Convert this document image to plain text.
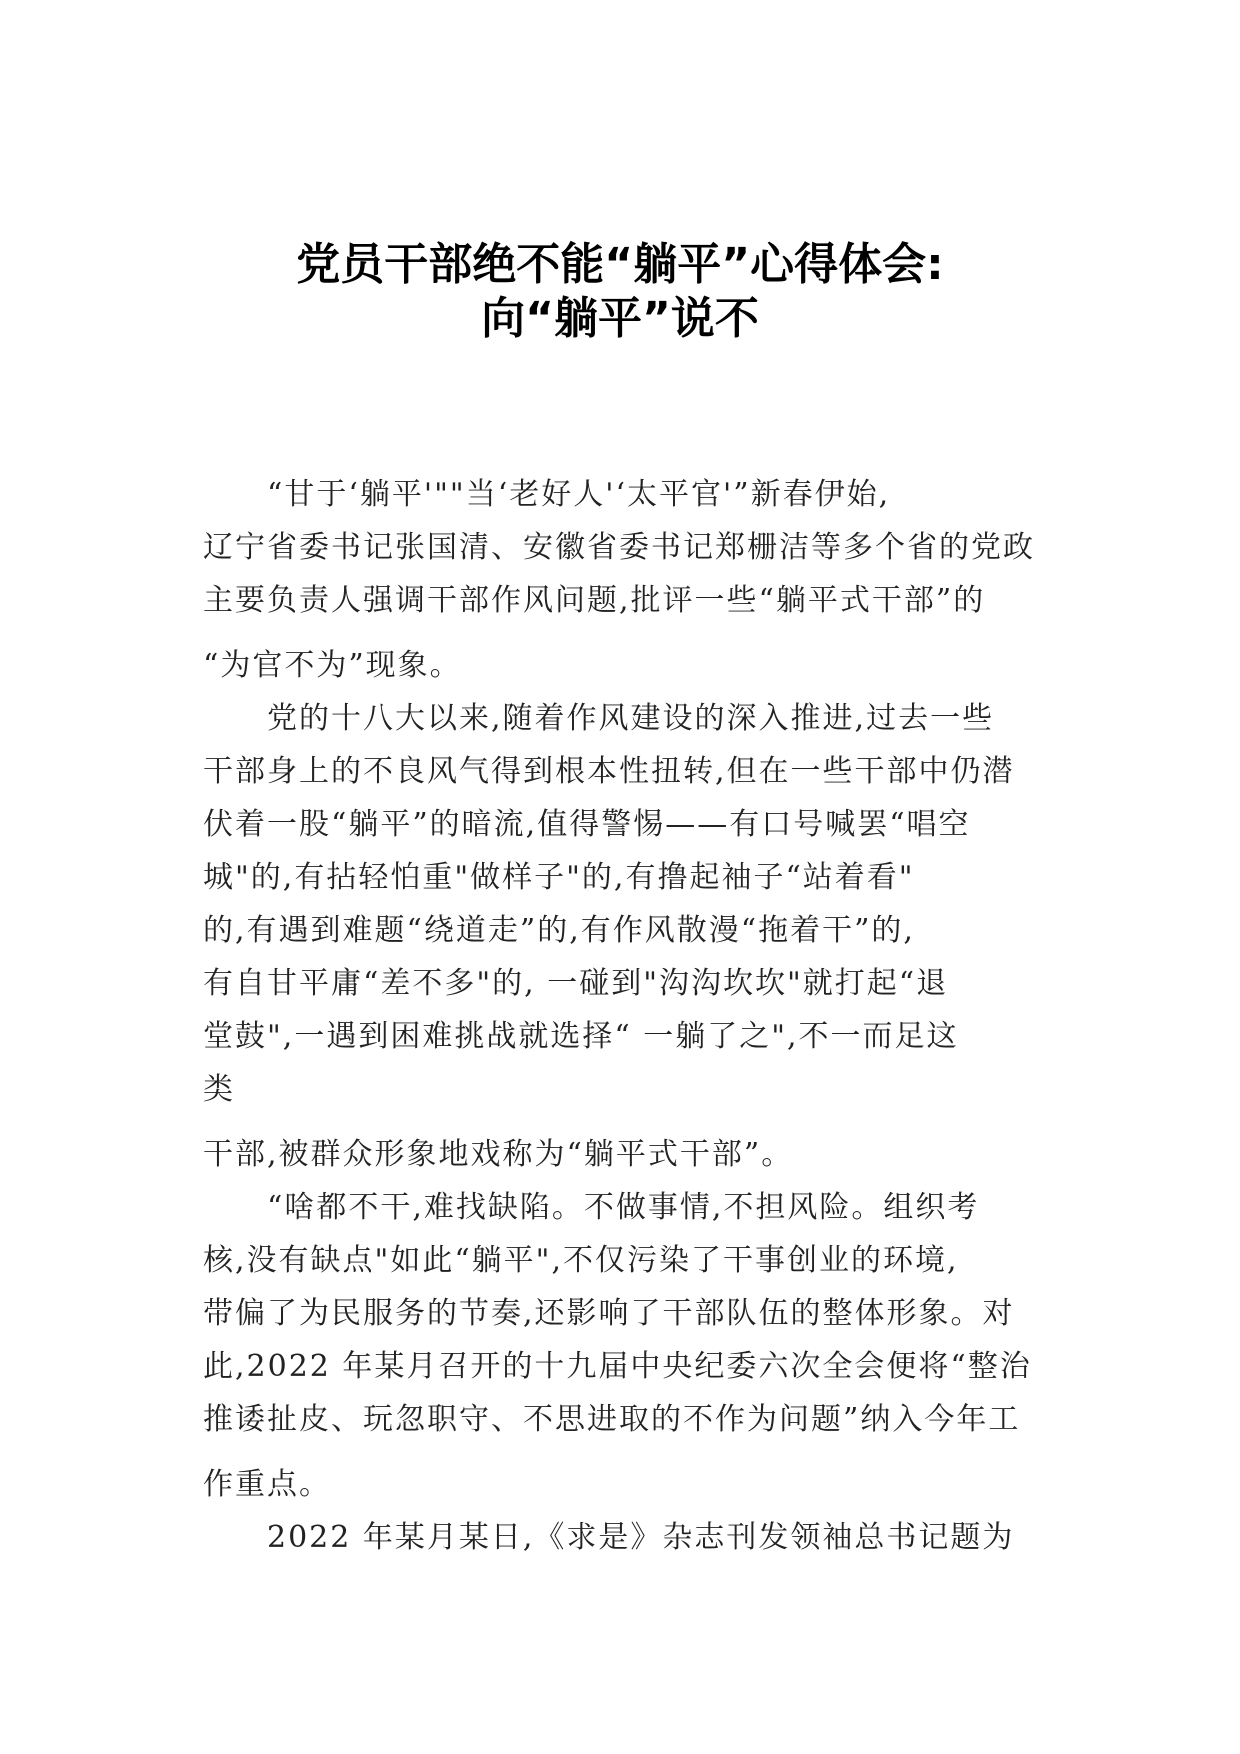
党员干部绝不能“躺平”心得体会:
向“躺平”说不
“甘于‘躺平'""当‘老好人'‘太平官'”新春伊始,
辽宁省委书记张国清、安徽省委书记郑栅洁等多个省的党政
主要负责人强调干部作风问题,批评一些“躺平式干部”的
“为官不为”现象。
党的十八大以来,随着作风建设的深入推进,过去一些
干部身上的不良风气得到根本性扭转,但在一些干部中仍潜
伏着一股“躺平”的暗流,值得警惕——有口号喊罢“唱空
城"的,有拈轻怕重"做样子"的,有撸起袖子“站着看"
的,有遇到难题“绕道走”的,有作风散漫“拖着干”的,
有自甘平庸“差不多"的, 一碰到"沟沟坎坎"就打起“退
堂鼓",一遇到困难挑战就选择“ 一躺了之",不一而足这
类
干部,被群众形象地戏称为“躺平式干部”。
“啥都不干,难找缺陷。不做事情,不担风险。组织考
核,没有缺点"如此“躺平",不仅污染了干事创业的环境,
带偏了为民服务的节奏,还影响了干部队伍的整体形象。对
此,2022 年某月召开的十九届中央纪委六次全会便将“整治
推诿扯皮、玩忽职守、不思进取的不作为问题”纳入今年工
作重点。
2022 年某月某日,《求是》杂志刊发领袖总书记题为
